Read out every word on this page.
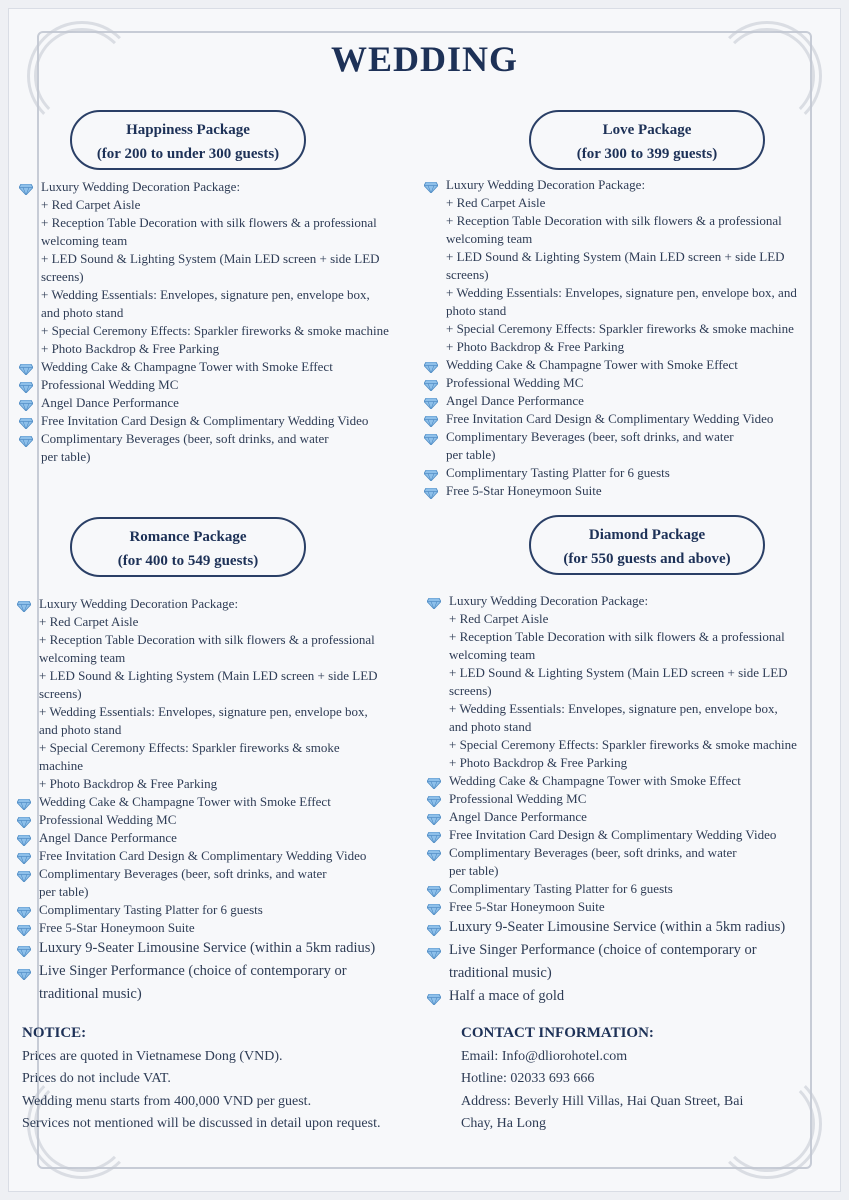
WEDDING
Happiness Package
(for 200 to under 300 guests)
Love Package
(for 300 to 399 guests)
Romance Package
(for 400 to 549 guests)
Diamond Package
(for 550 guests and above)
Luxury Wedding Decoration Package:
+ Red Carpet Aisle
+ Reception Table Decoration with silk flowers & a professional
welcoming team
+ LED Sound & Lighting System (Main LED screen + side LED
screens)
+ Wedding Essentials: Envelopes, signature pen, envelope box,
and photo stand
+ Special Ceremony Effects: Sparkler fireworks & smoke machine
+ Photo Backdrop & Free Parking
Wedding Cake & Champagne Tower with Smoke Effect
Professional Wedding MC
Angel Dance Performance
Free Invitation Card Design & Complimentary Wedding Video
Complimentary Beverages (beer, soft drinks, and water
per table)
Luxury Wedding Decoration Package:
+ Red Carpet Aisle
+ Reception Table Decoration with silk flowers & a professional
welcoming team
+ LED Sound & Lighting System (Main LED screen + side LED
screens)
+ Wedding Essentials: Envelopes, signature pen, envelope box, and
photo stand
+ Special Ceremony Effects: Sparkler fireworks & smoke machine
+ Photo Backdrop & Free Parking
Wedding Cake & Champagne Tower with Smoke Effect
Professional Wedding MC
Angel Dance Performance
Free Invitation Card Design & Complimentary Wedding Video
Complimentary Beverages (beer, soft drinks, and water
per table)
Complimentary Tasting Platter for 6 guests
Free 5-Star Honeymoon Suite
Luxury Wedding Decoration Package:
+ Red Carpet Aisle
+ Reception Table Decoration with silk flowers & a professional
welcoming team
+ LED Sound & Lighting System (Main LED screen + side LED
screens)
+ Wedding Essentials: Envelopes, signature pen, envelope box,
and photo stand
+ Special Ceremony Effects: Sparkler fireworks & smoke
machine
+ Photo Backdrop & Free Parking
Wedding Cake & Champagne Tower with Smoke Effect
Professional Wedding MC
Angel Dance Performance
Free Invitation Card Design & Complimentary Wedding Video
Complimentary Beverages (beer, soft drinks, and water
per table)
Complimentary Tasting Platter for 6 guests
Free 5-Star Honeymoon Suite
Luxury 9-Seater Limousine Service (within a 5km radius)
Live Singer Performance (choice of contemporary or
traditional music)
Luxury Wedding Decoration Package:
+ Red Carpet Aisle
+ Reception Table Decoration with silk flowers & a professional
welcoming team
+ LED Sound & Lighting System (Main LED screen + side LED
screens)
+ Wedding Essentials: Envelopes, signature pen, envelope box,
and photo stand
+ Special Ceremony Effects: Sparkler fireworks & smoke machine
+ Photo Backdrop & Free Parking
Wedding Cake & Champagne Tower with Smoke Effect
Professional Wedding MC
Angel Dance Performance
Free Invitation Card Design & Complimentary Wedding Video
Complimentary Beverages (beer, soft drinks, and water
per table)
Complimentary Tasting Platter for 6 guests
Free 5-Star Honeymoon Suite
Luxury 9-Seater Limousine Service (within a 5km radius)
Live Singer Performance (choice of contemporary or
traditional music)
Half a mace of gold
NOTICE:
Prices are quoted in Vietnamese Dong (VND).
Prices do not include VAT.
Wedding menu starts from 400,000 VND per guest.
Services not mentioned will be discussed in detail upon request.
CONTACT INFORMATION:
Email: Info@dliorohotel.com
Hotline: 02033 693 666
Address: Beverly Hill Villas, Hai Quan Street, Bai
Chay, Ha Long
